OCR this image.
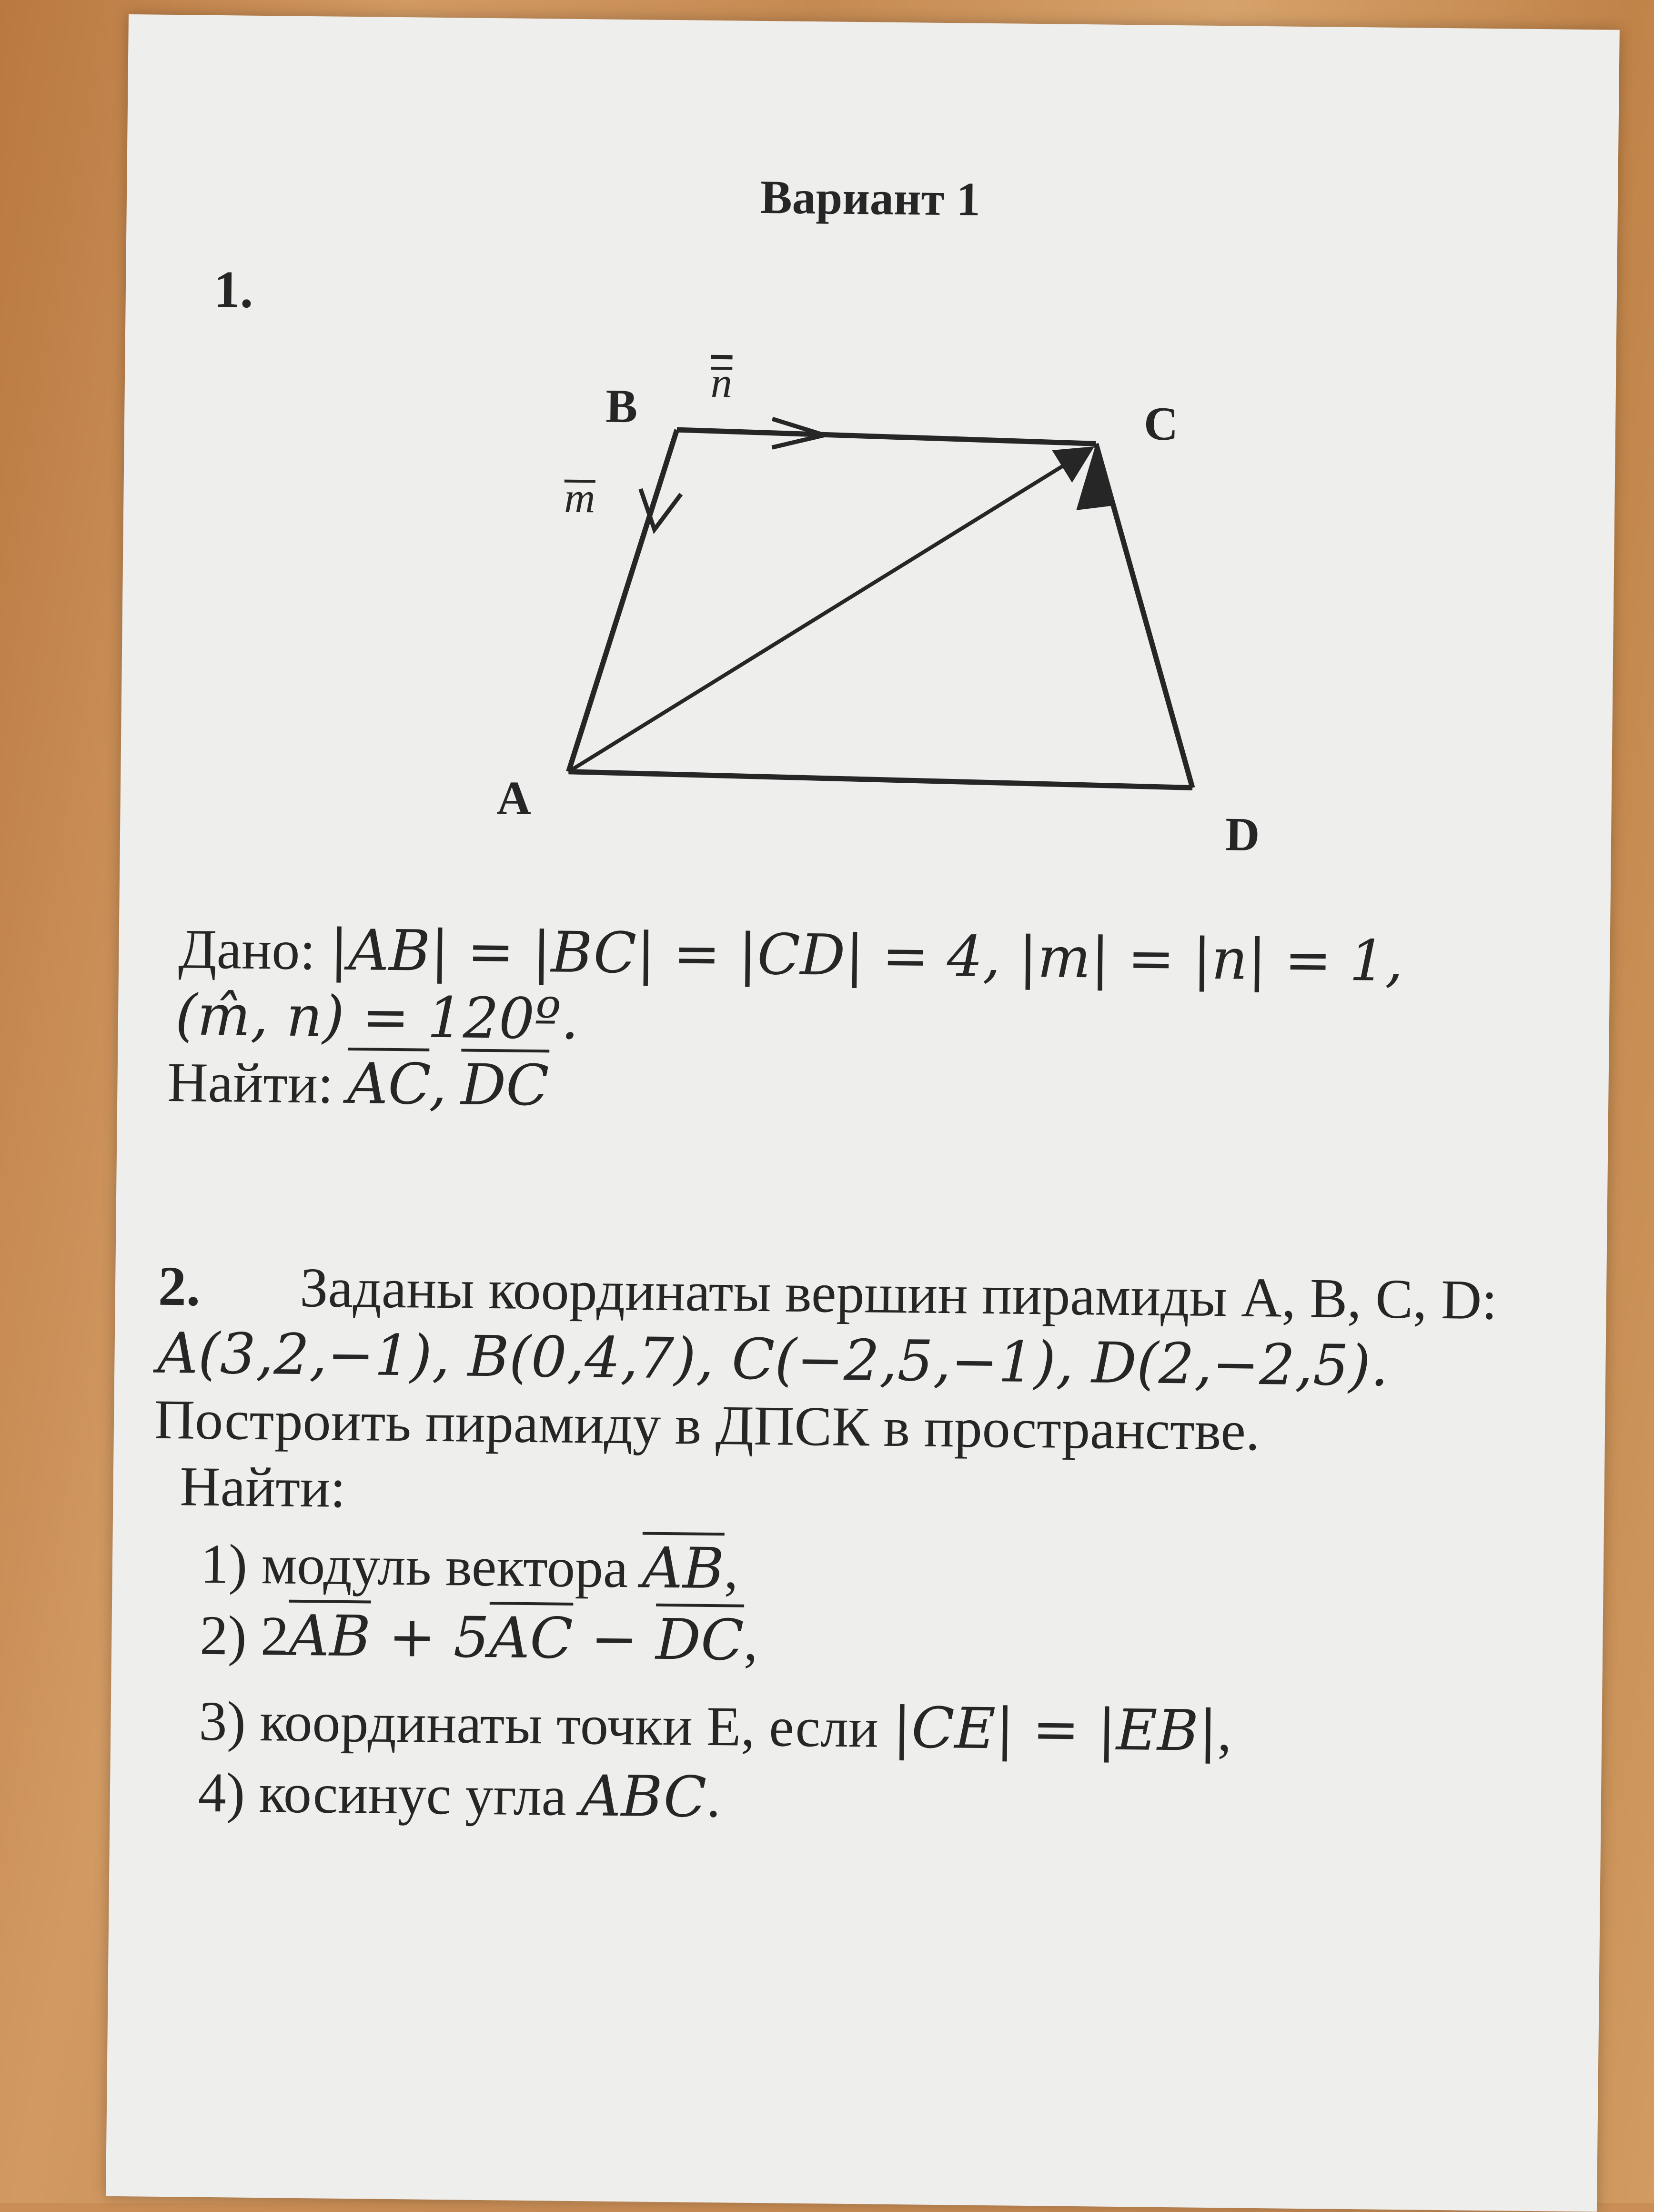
Вариант 1
1.
B	C
A
D
n
m
Дано: |AB| = |BC| = |CD| = 4, |m| = |n| = 1,
(m̂, n) = 120º.
Найти: $\overline{AC}$, $\overline{DC}$
2. Заданы координаты вершин пирамиды A, B, C, D:
A(3,2,−1), B(0,4,7), C(−2,5,−1), D(2,−2,5).
Построить пирамиду в ДПСК в пространстве.
Найти:
1) модуль вектора $\overline{AB}$,
2) $2\overline{AB} + 5\overline{AC} - \overline{DC}$,
3) координаты точки E, если |CE| = |EB|,
4) косинус угла ABC.
